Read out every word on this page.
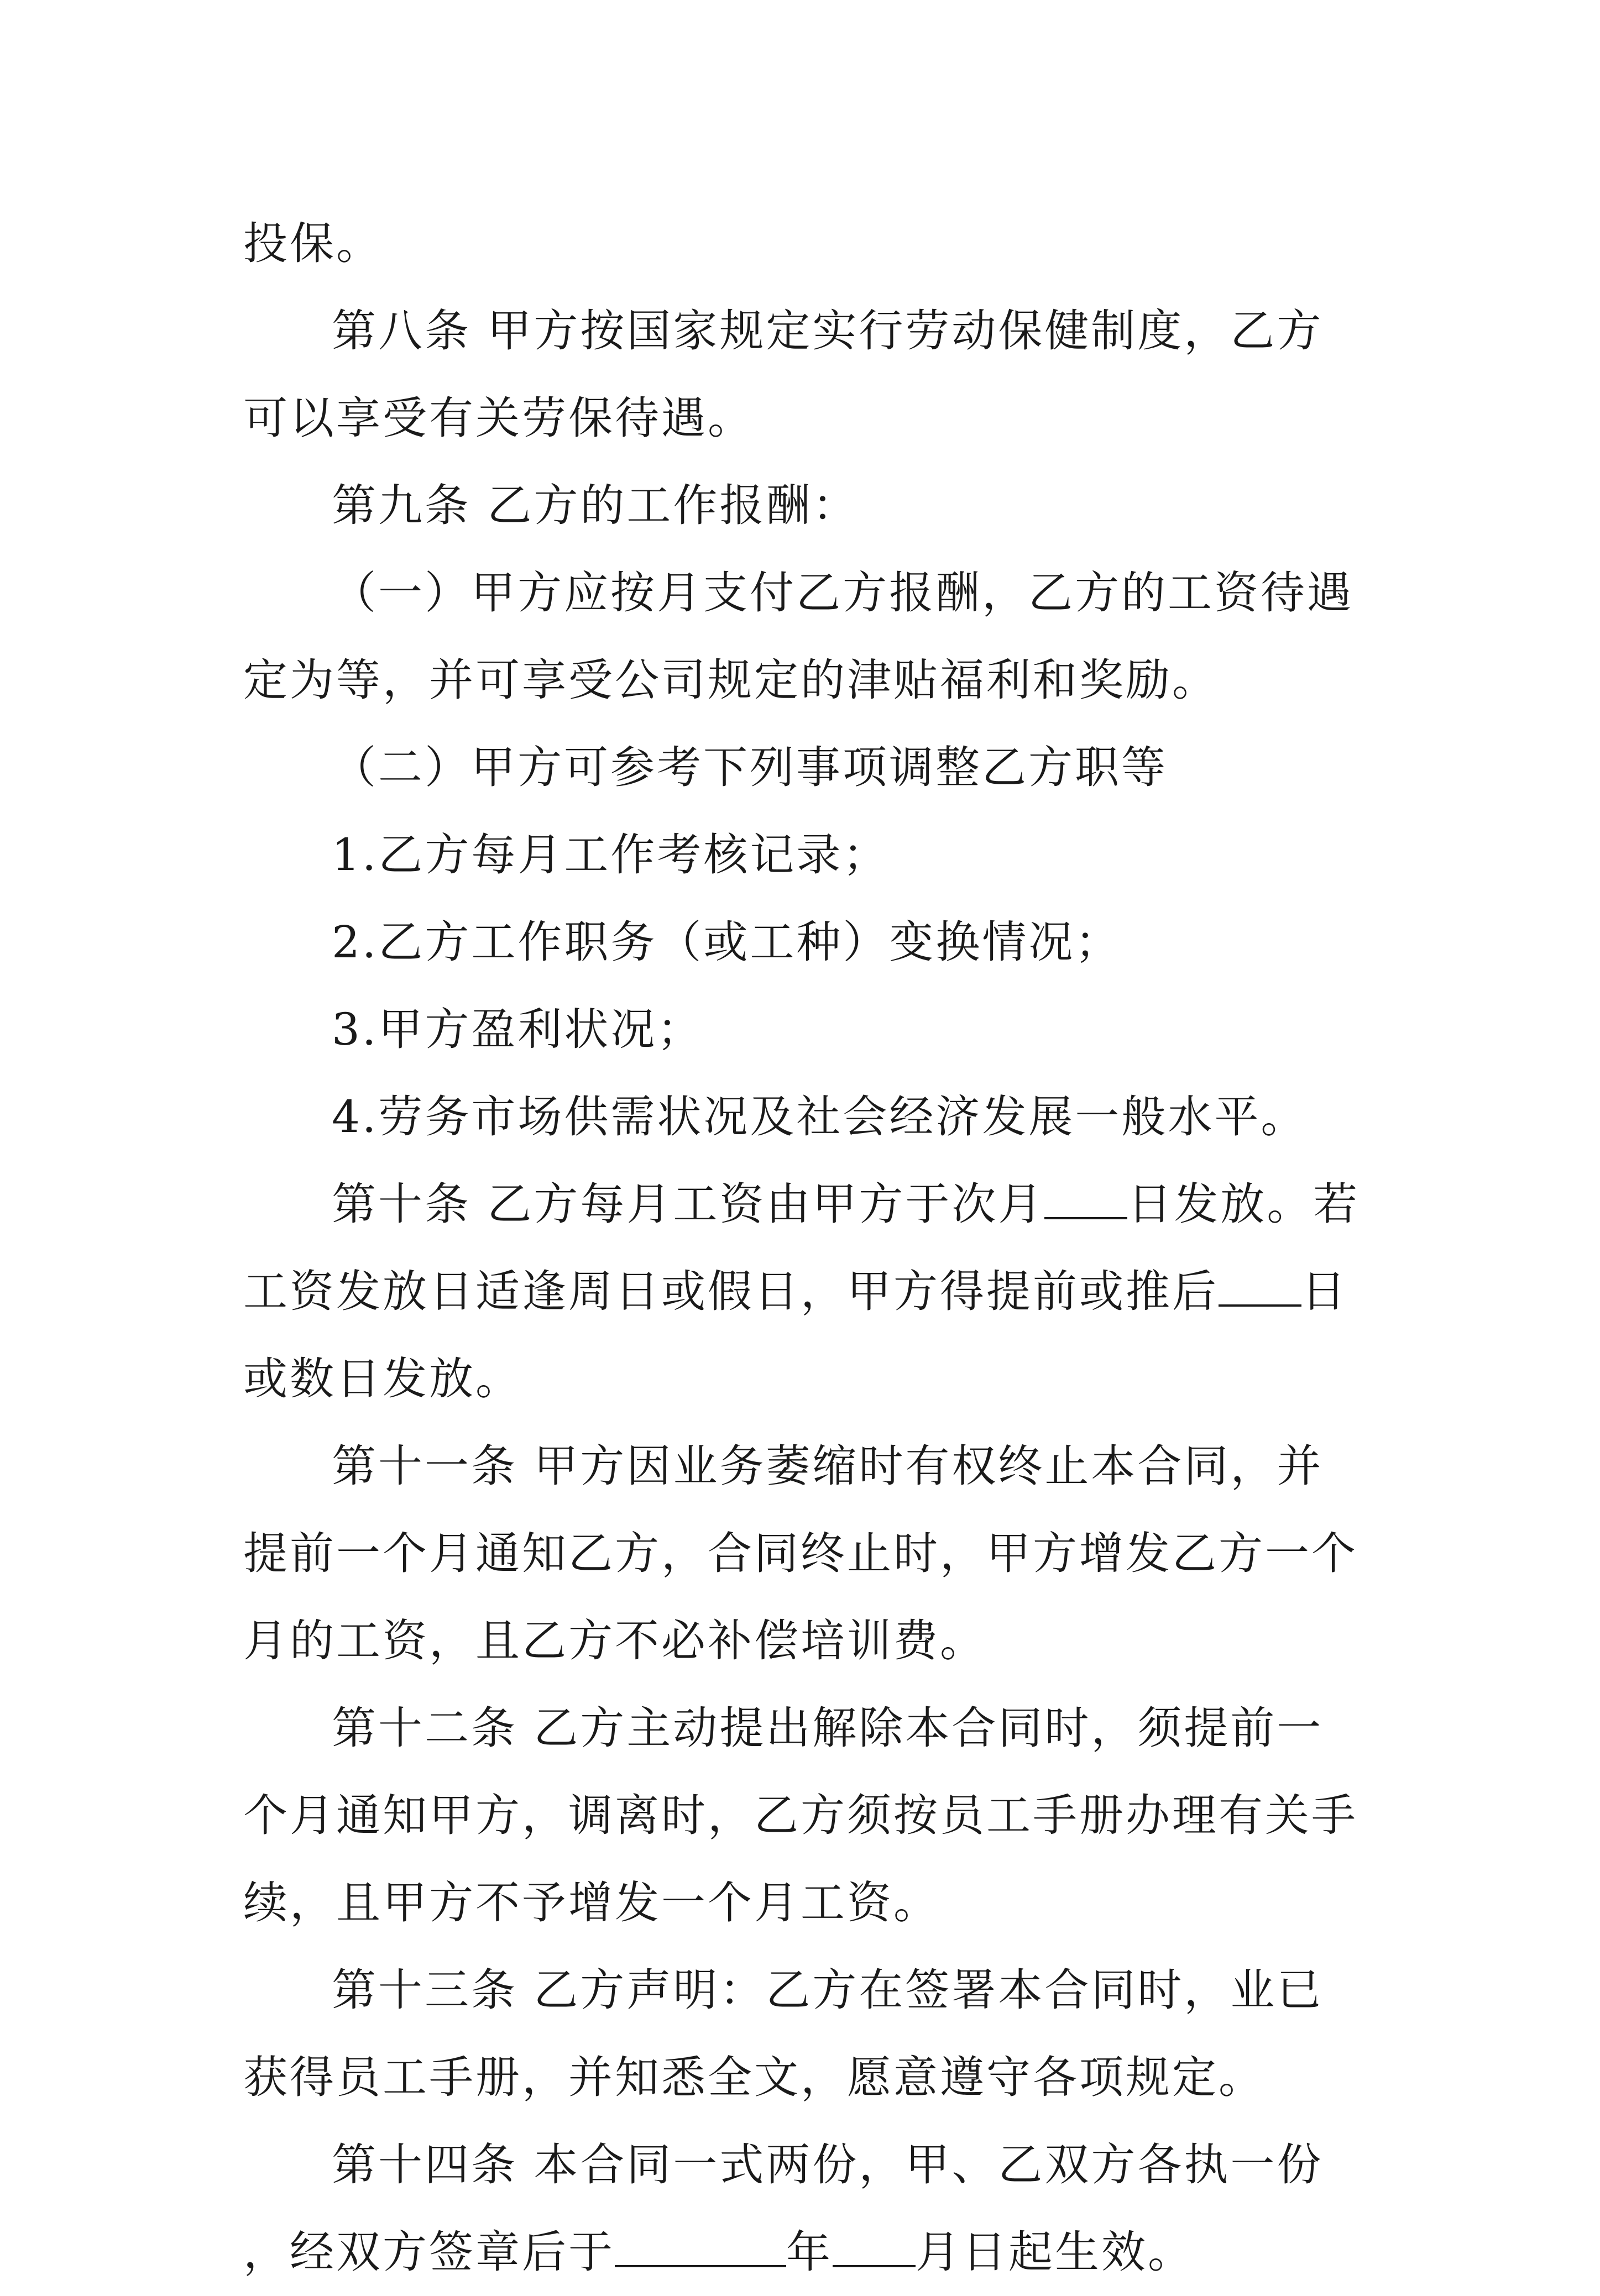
投保。

第八条 甲方按国家规定实行劳动保健制度，乙方可以享受有关劳保待遇。

第九条 乙方的工作报酬：

（一）甲方应按月支付乙方报酬，乙方的工资待遇定为等，并可享受公司规定的津贴福利和奖励。

（二）甲方可参考下列事项调整乙方职等

1.乙方每月工作考核记录；

2.乙方工作职务（或工种）变换情况；

3.甲方盈利状况；

4.劳务市场供需状况及社会经济发展一般水平。

第十条 乙方每月工资由甲方于次月 日发放。若工资发放日适逢周日或假日，甲方得提前或推后 日或数日发放。

第十一条 甲方因业务萎缩时有权终止本合同，并提前一个月通知乙方，合同终止时，甲方增发乙方一个月的工资，且乙方不必补偿培训费。

第十二条 乙方主动提出解除本合同时，须提前一个月通知甲方，调离时，乙方须按员工手册办理有关手续，且甲方不予增发一个月工资。

第十三条 乙方声明：乙方在签署本合同时，业已获得员工手册，并知悉全文，愿意遵守各项规定。

第十四条 本合同一式两份，甲、乙双方各执一份，经双方签章后于	年 月日起生效。
